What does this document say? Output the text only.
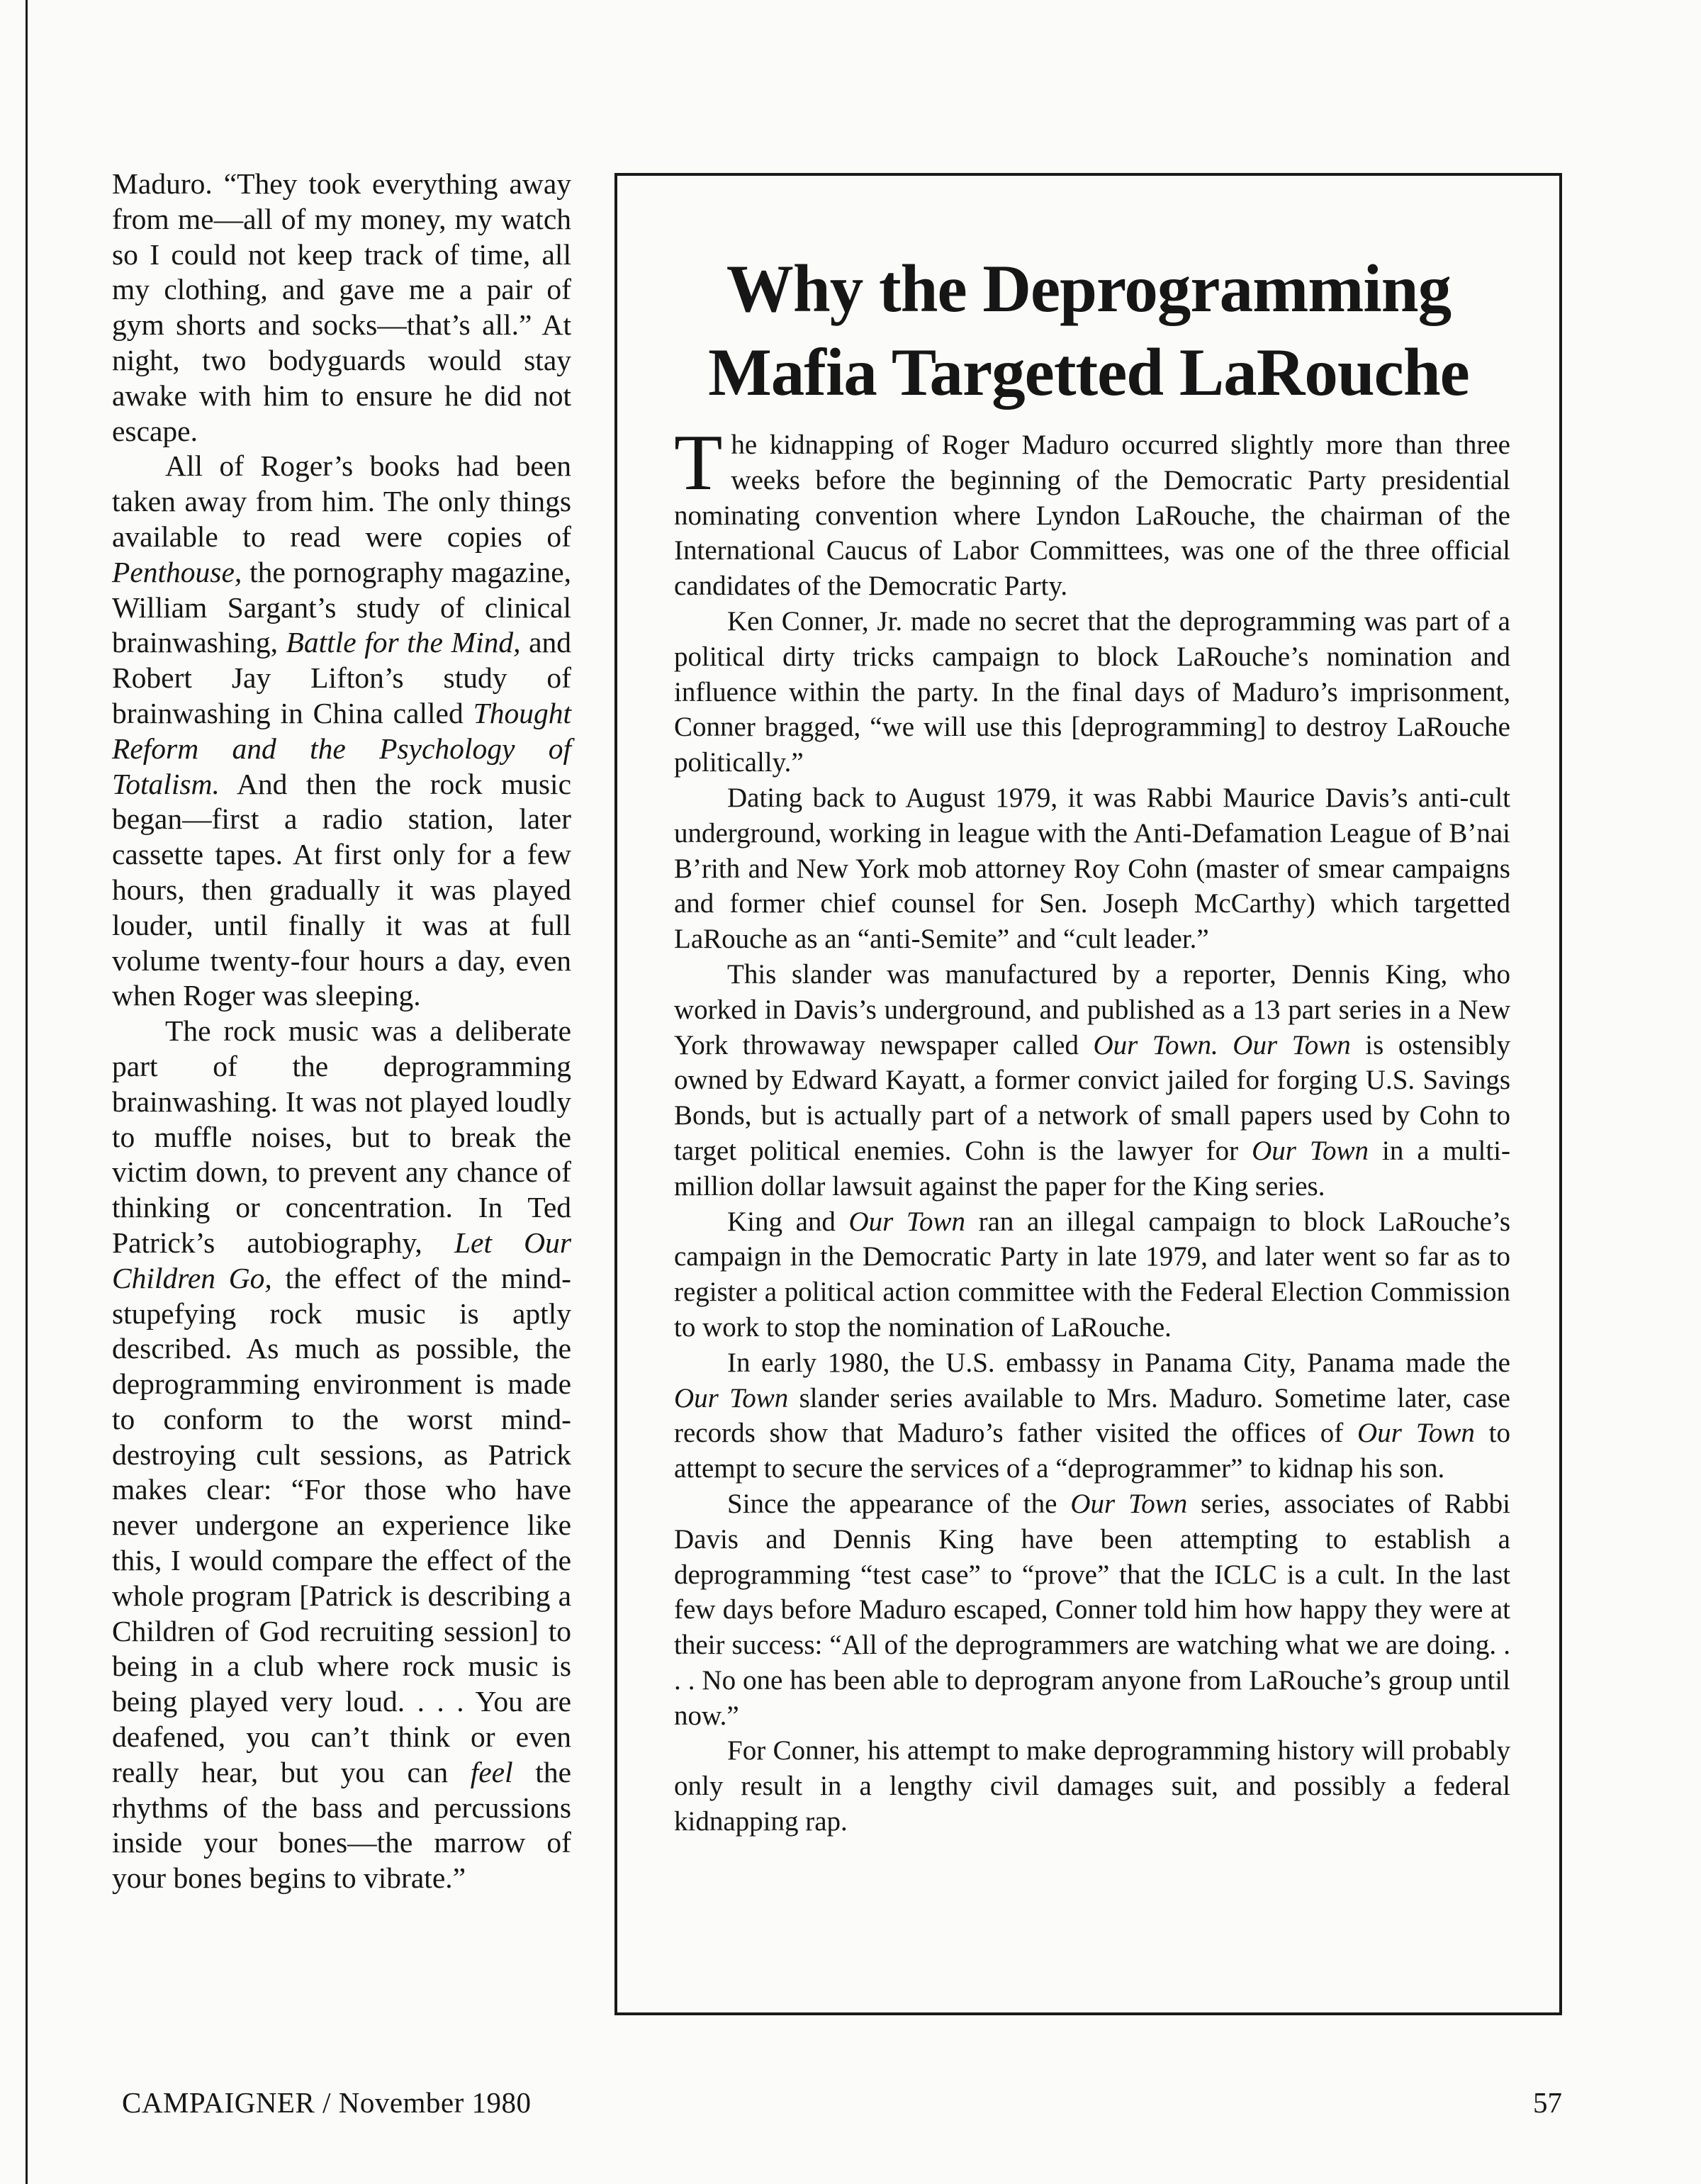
Maduro. “They took everything away from me—all of my money, my watch so I could not keep track of time, all my clothing, and gave me a pair of gym shorts and socks—that’s all.” At night, two bodyguards would stay awake with him to ensure he did not escape.

All of Roger’s books had been taken away from him. The only things available to read were copies of Penthouse, the pornography magazine, William Sargant’s study of clinical brainwashing, Battle for the Mind, and Robert Jay Lifton’s study of brainwashing in China called Thought Reform and the Psychology of Totalism. And then the rock music began—first a radio station, later cassette tapes. At first only for a few hours, then gradually it was played louder, until finally it was at full volume twenty-four hours a day, even when Roger was sleeping.

The rock music was a deliberate part of the deprogramming brainwashing. It was not played loudly to muffle noises, but to break the victim down, to prevent any chance of thinking or concentration. In Ted Patrick’s autobiography, Let Our Children Go, the effect of the mind-stupefying rock music is aptly described. As much as possible, the deprogramming environment is made to conform to the worst mind-destroying cult sessions, as Patrick makes clear: “For those who have never undergone an experience like this, I would compare the effect of the whole program [Patrick is describing a Children of God recruiting session] to being in a club where rock music is being played very loud. . . . You are deafened, you can’t think or even really hear, but you can feel the rhythms of the bass and percussions inside your bones—the marrow of your bones begins to vibrate.”

Why the Deprogramming
Mafia Targetted LaRouche

The kidnapping of Roger Maduro occurred slightly more than three weeks before the beginning of the Democratic Party presidential nominating convention where Lyndon LaRouche, the chairman of the International Caucus of Labor Committees, was one of the three official candidates of the Democratic Party.

Ken Conner, Jr. made no secret that the deprogramming was part of a political dirty tricks campaign to block LaRouche’s nomination and influence within the party. In the final days of Maduro’s imprisonment, Conner bragged, “we will use this [deprogramming] to destroy LaRouche politically.”

Dating back to August 1979, it was Rabbi Maurice Davis’s anti-cult underground, working in league with the Anti-Defamation League of B’nai B’rith and New York mob attorney Roy Cohn (master of smear campaigns and former chief counsel for Sen. Joseph McCarthy) which targetted LaRouche as an “anti-Semite” and “cult leader.”

This slander was manufactured by a reporter, Dennis King, who worked in Davis’s underground, and published as a 13 part series in a New York throwaway newspaper called Our Town. Our Town is ostensibly owned by Edward Kayatt, a former convict jailed for forging U.S. Savings Bonds, but is actually part of a network of small papers used by Cohn to target political enemies. Cohn is the lawyer for Our Town in a multi-million dollar lawsuit against the paper for the King series.

King and Our Town ran an illegal campaign to block LaRouche’s campaign in the Democratic Party in late 1979, and later went so far as to register a political action committee with the Federal Election Commission to work to stop the nomination of LaRouche.

In early 1980, the U.S. embassy in Panama City, Panama made the Our Town slander series available to Mrs. Maduro. Sometime later, case records show that Maduro’s father visited the offices of Our Town to attempt to secure the services of a “deprogrammer” to kidnap his son.

Since the appearance of the Our Town series, associates of Rabbi Davis and Dennis King have been attempting to establish a deprogramming “test case” to “prove” that the ICLC is a cult. In the last few days before Maduro escaped, Conner told him how happy they were at their success: “All of the deprogrammers are watching what we are doing. . . . No one has been able to deprogram anyone from LaRouche’s group until now.”

For Conner, his attempt to make deprogramming history will probably only result in a lengthy civil damages suit, and possibly a federal kidnapping rap.

CAMPAIGNER / November 1980	57
